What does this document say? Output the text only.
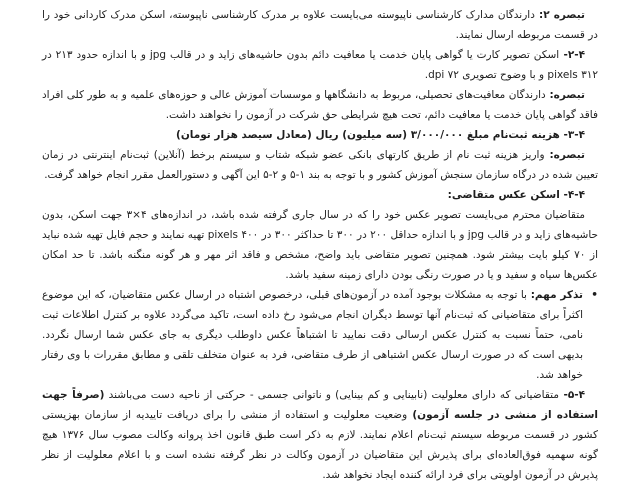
تبصره ۲: دارندگان مدارک کارشناسی ناپیوسته می‌بایست علاوه بر مدرک کارشناسی ناپیوسته، اسکن مدرک کاردانی خود را در قسمت مربوطه ارسال نمایند.

۲-۴- اسکن تصویر کارت یا گواهی پایان خدمت یا معافیت دائم بدون حاشیه‌های زاید و در قالب jpg و با اندازه حدود ۲۱۳ در ۳۱۲ pixels و با وضوح تصویری ۷۲ dpi.

تبصره: دارندگان معافیت‌های تحصیلی، مربوط به دانشگاهها و موسسات آموزش عالی و حوزه‌های علمیه و به طور کلی افراد فاقد گواهی پایان خدمت یا معافیت دائم، تحت هیچ شرایطی حق شرکت در آزمون را نخواهند داشت.

۳-۴- هزینه ثبت‌نام مبلغ ۳/۰۰۰/۰۰۰ (سه میلیون) ریال (معادل سیصد هزار تومان)

تبصره: واریز هزینه ثبت نام از طریق کارتهای بانکی عضو شبکه شتاب و سیستم برخط (آنلاین) ثبت‌نام اینترنتی در زمان تعیین شده در درگاه سازمان سنجش آموزش کشور و با توجه به بند ۱-۵ و ۲-۵ این آگهی و دستورالعمل مقرر انجام خواهد گرفت.

۴-۴- اسکن عکس متقاضی:

متقاضیان محترم می‌بایست تصویر عکس خود را که در سال جاری گرفته شده باشد، در اندازه‌های ۴×۳ جهت اسکن، بدون حاشیه‌های زاید و در قالب jpg و با اندازه حداقل ۲۰۰ در ۳۰۰ تا حداکثر ۳۰۰ در ۴۰۰ pixels تهیه نمایند و حجم فایل تهیه شده نباید از ۷۰ کیلو بایت بیشتر شود. همچنین تصویر متقاضی باید واضح، مشخص و فاقد اثر مهر و هر گونه منگنه باشد. تا حد امکان عکس‌ها سیاه و سفید و یا در صورت رنگی بودن دارای زمینه سفید باشد.

•
تذکر مهم: با توجه به مشکلات بوجود آمده در آزمون‌های قبلی، درخصوص اشتباه در ارسال عکس متقاضیان، که این موضوع اکثراً برای متقاضیانی که ثبت‌نام آنها توسط دیگران انجام می‌شود رخ داده است، تاکید می‌گردد علاوه بر کنترل اطلاعات ثبت نامی، حتماً نسبت به کنترل عکس ارسالی دقت نمایید تا اشتباهاً عکس داوطلب دیگری به جای عکس شما ارسال نگردد. بدیهی است که در صورت ارسال عکس اشتباهی از طرف متقاضی، فرد به عنوان متخلف تلقی و مطابق مقررات با وی رفتار خواهد شد.

۵-۴- متقاضیانی که دارای معلولیت (نابینایی و کم بینایی) و ناتوانی جسمی - حرکتی از ناحیه دست می‌باشند (صرفاً جهت استفاده از منشی در جلسه آزمون) وضعیت معلولیت و استفاده از منشی را برای دریافت تاییدیه از سازمان بهزیستی کشور در قسمت مربوطه سیستم ثبت‌نام اعلام نمایند. لازم به ذکر است طبق قانون اخذ پروانه وکالت مصوب سال ۱۳۷۶ هیچ گونه سهمیه فوق‌العاده‌ای برای پذیرش این متقاضیان در آزمون وکالت در نظر گرفته نشده است و با اعلام معلولیت از نظر پذیرش در آزمون اولویتی برای فرد ارائه کننده ایجاد نخواهد شد.
